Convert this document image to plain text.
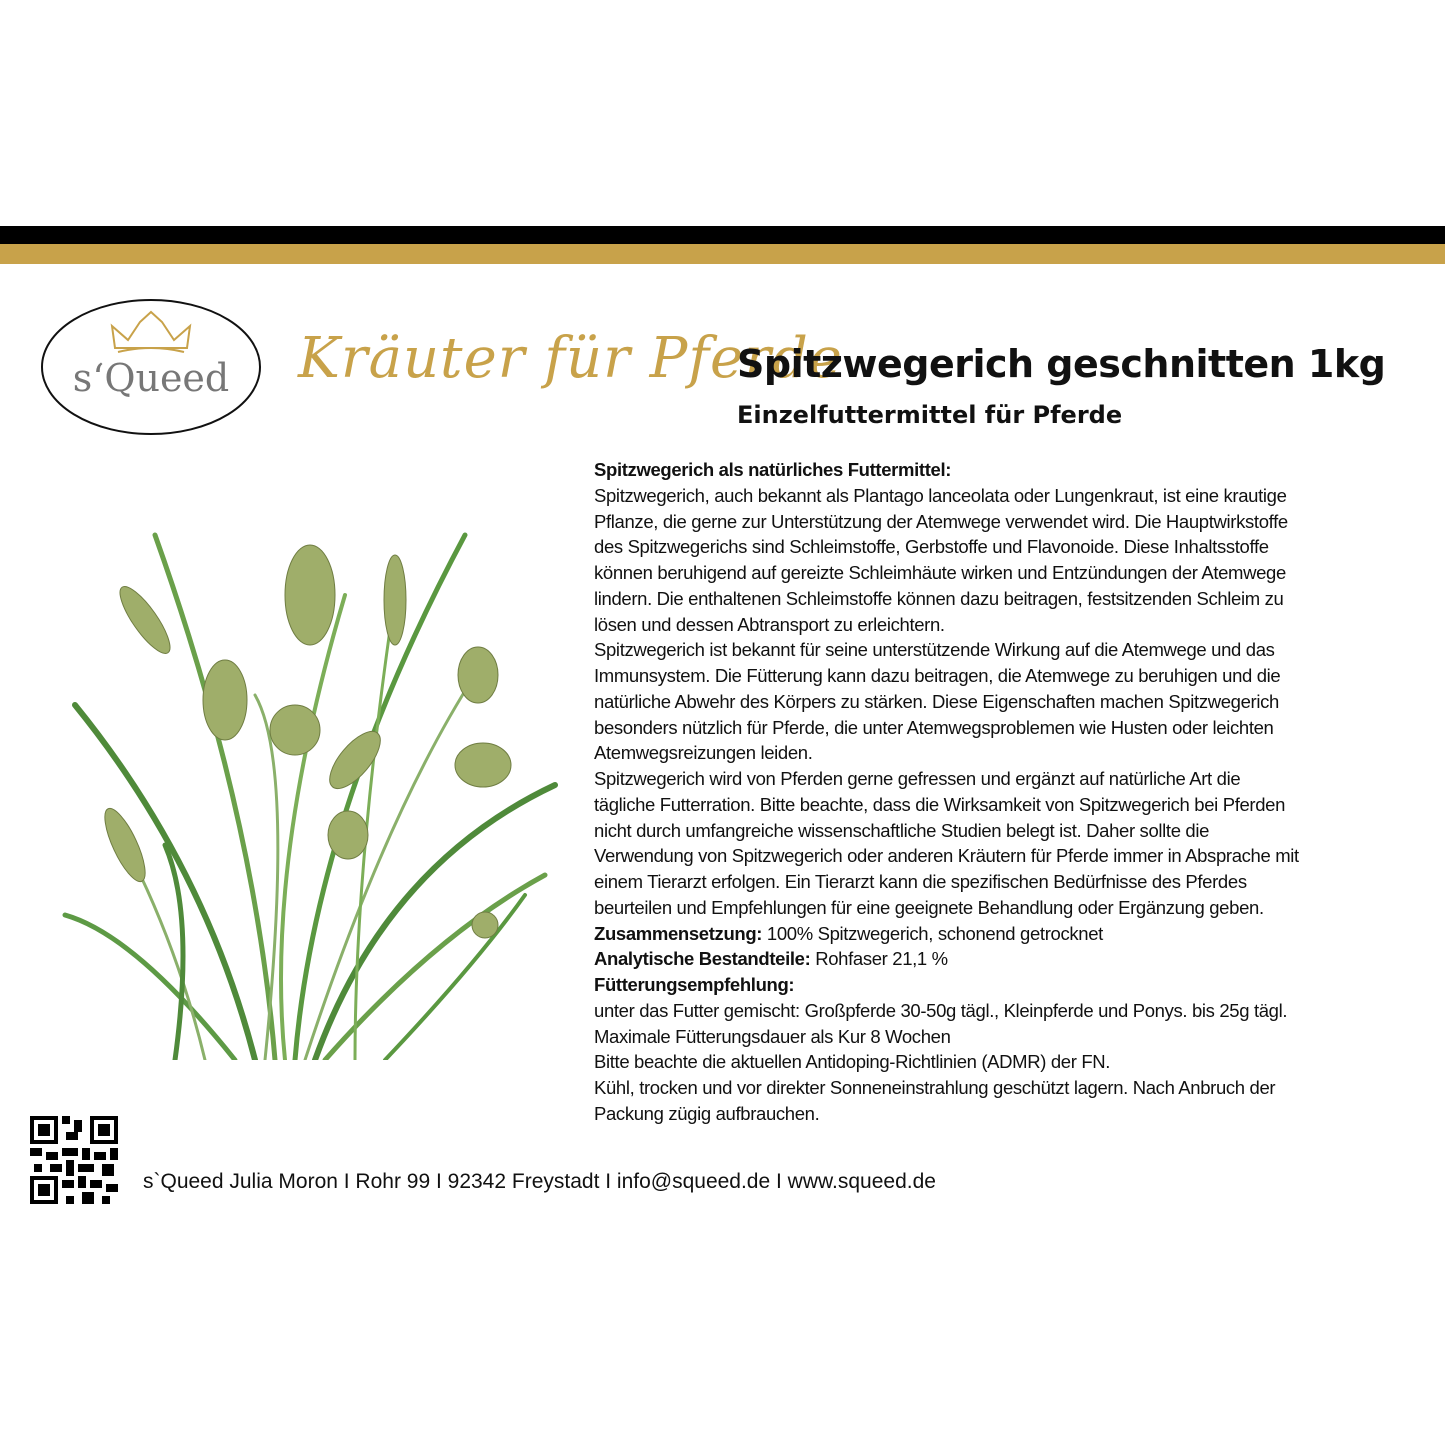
s‘Queed	Kräuter für Pferde
Spitzwegerich geschnitten 1kg
Einzelfuttermittel für Pferde
Spitzwegerich als natürliches Futtermittel:
Spitzwegerich, auch bekannt als Plantago lanceolata oder Lungenkraut, ist eine krautige
Pflanze, die gerne zur Unterstützung der Atemwege verwendet wird. Die Hauptwirkstoffe
des Spitzwegerichs sind Schleimstoffe, Gerbstoffe und Flavonoide. Diese Inhaltsstoffe
können beruhigend auf gereizte Schleimhäute wirken und Entzündungen der Atemwege
lindern. Die enthaltenen Schleimstoffe können dazu beitragen, festsitzenden Schleim zu
lösen und dessen Abtransport zu erleichtern.
Spitzwegerich ist bekannt für seine unterstützende Wirkung auf die Atemwege und das
Immunsystem. Die Fütterung kann dazu beitragen, die Atemwege zu beruhigen und die
natürliche Abwehr des Körpers zu stärken. Diese Eigenschaften machen Spitzwegerich
besonders nützlich für Pferde, die unter Atemwegsproblemen wie Husten oder leichten
Atemwegsreizungen leiden.
Spitzwegerich wird von Pferden gerne gefressen und ergänzt auf natürliche Art die
tägliche Futterration. Bitte beachte, dass die Wirksamkeit von Spitzwegerich bei Pferden
nicht durch umfangreiche wissenschaftliche Studien belegt ist. Daher sollte die
Verwendung von Spitzwegerich oder anderen Kräutern für Pferde immer in Absprache mit
einem Tierarzt erfolgen. Ein Tierarzt kann die spezifischen Bedürfnisse des Pferdes
beurteilen und Empfehlungen für eine geeignete Behandlung oder Ergänzung geben.
Zusammensetzung: 100% Spitzwegerich, schonend getrocknet
Analytische Bestandteile: Rohfaser 21,1 %
Fütterungsempfehlung:
unter das Futter gemischt: Großpferde 30-50g tägl., Kleinpferde und Ponys. bis 25g tägl.
Maximale Fütterungsdauer als Kur 8 Wochen
Bitte beachte die aktuellen Antidoping-Richtlinien (ADMR) der FN.
Kühl, trocken und vor direkter Sonneneinstrahlung geschützt lagern. Nach Anbruch der
Packung zügig aufbrauchen.
s`Queed Julia Moron I Rohr 99 I 92342 Freystadt I info@squeed.de I www.squeed.de
